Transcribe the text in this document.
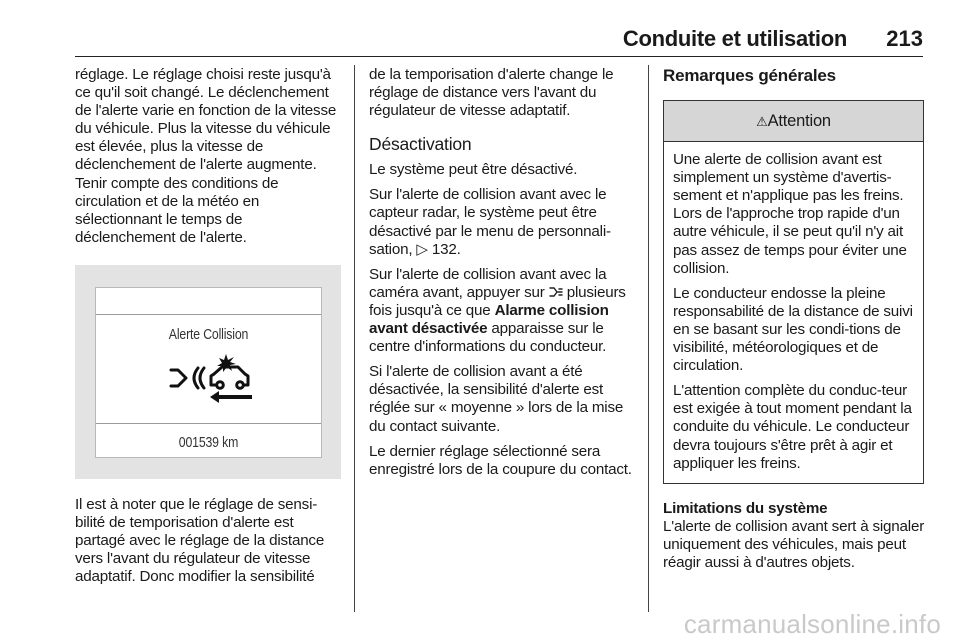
Conduite et utilisation 213

réglage. Le réglage choisi reste jusqu'à ce qu'il soit changé. Le déclenchement de l'alerte varie en fonction de la vitesse du véhicule. Plus la vitesse du véhicule est élevée, plus la vitesse de déclenchement de l'alerte augmente. Tenir compte des conditions de circulation et de la météo en sélectionnant le temps de déclenchement de l'alerte.

Alerte Collision
001539 km

Il est à noter que le réglage de sensi-bilité de temporisation d'alerte est partagé avec le réglage de la distance vers l'avant du régulateur de vitesse adaptatif. Donc modifier la sensibilité

de la temporisation d'alerte change le réglage de distance vers l'avant du régulateur de vitesse adaptatif.

Désactivation

Le système peut être désactivé.

Sur l'alerte de collision avant avec le capteur radar, le système peut être désactivé par le menu de personnali-sation, ▷ 132.

Sur l'alerte de collision avant avec la caméra avant, appuyer sur plusieurs fois jusqu'à ce que Alarme collision avant désactivée apparaisse sur le centre d'informations du conducteur.

Si l'alerte de collision avant a été désactivée, la sensibilité d'alerte est réglée sur « moyenne » lors de la mise du contact suivante.

Le dernier réglage sélectionné sera enregistré lors de la coupure du contact.

Remarques générales
⚠Attention

Une alerte de collision avant est simplement un système d'avertis-sement et n'applique pas les freins. Lors de l'approche trop rapide d'un autre véhicule, il se peut qu'il n'y ait pas assez de temps pour éviter une collision.

Le conducteur endosse la pleine responsabilité de la distance de suivi en se basant sur les condi-tions de visibilité, météorologiques et de circulation.

L'attention complète du conduc-teur est exigée à tout moment pendant la conduite du véhicule. Le conducteur devra toujours s'être prêt à agir et appliquer les freins.

Limitations du système

L'alerte de collision avant sert à signaler uniquement des véhicules, mais peut réagir aussi à d'autres objets.

carmanualsonline.info
